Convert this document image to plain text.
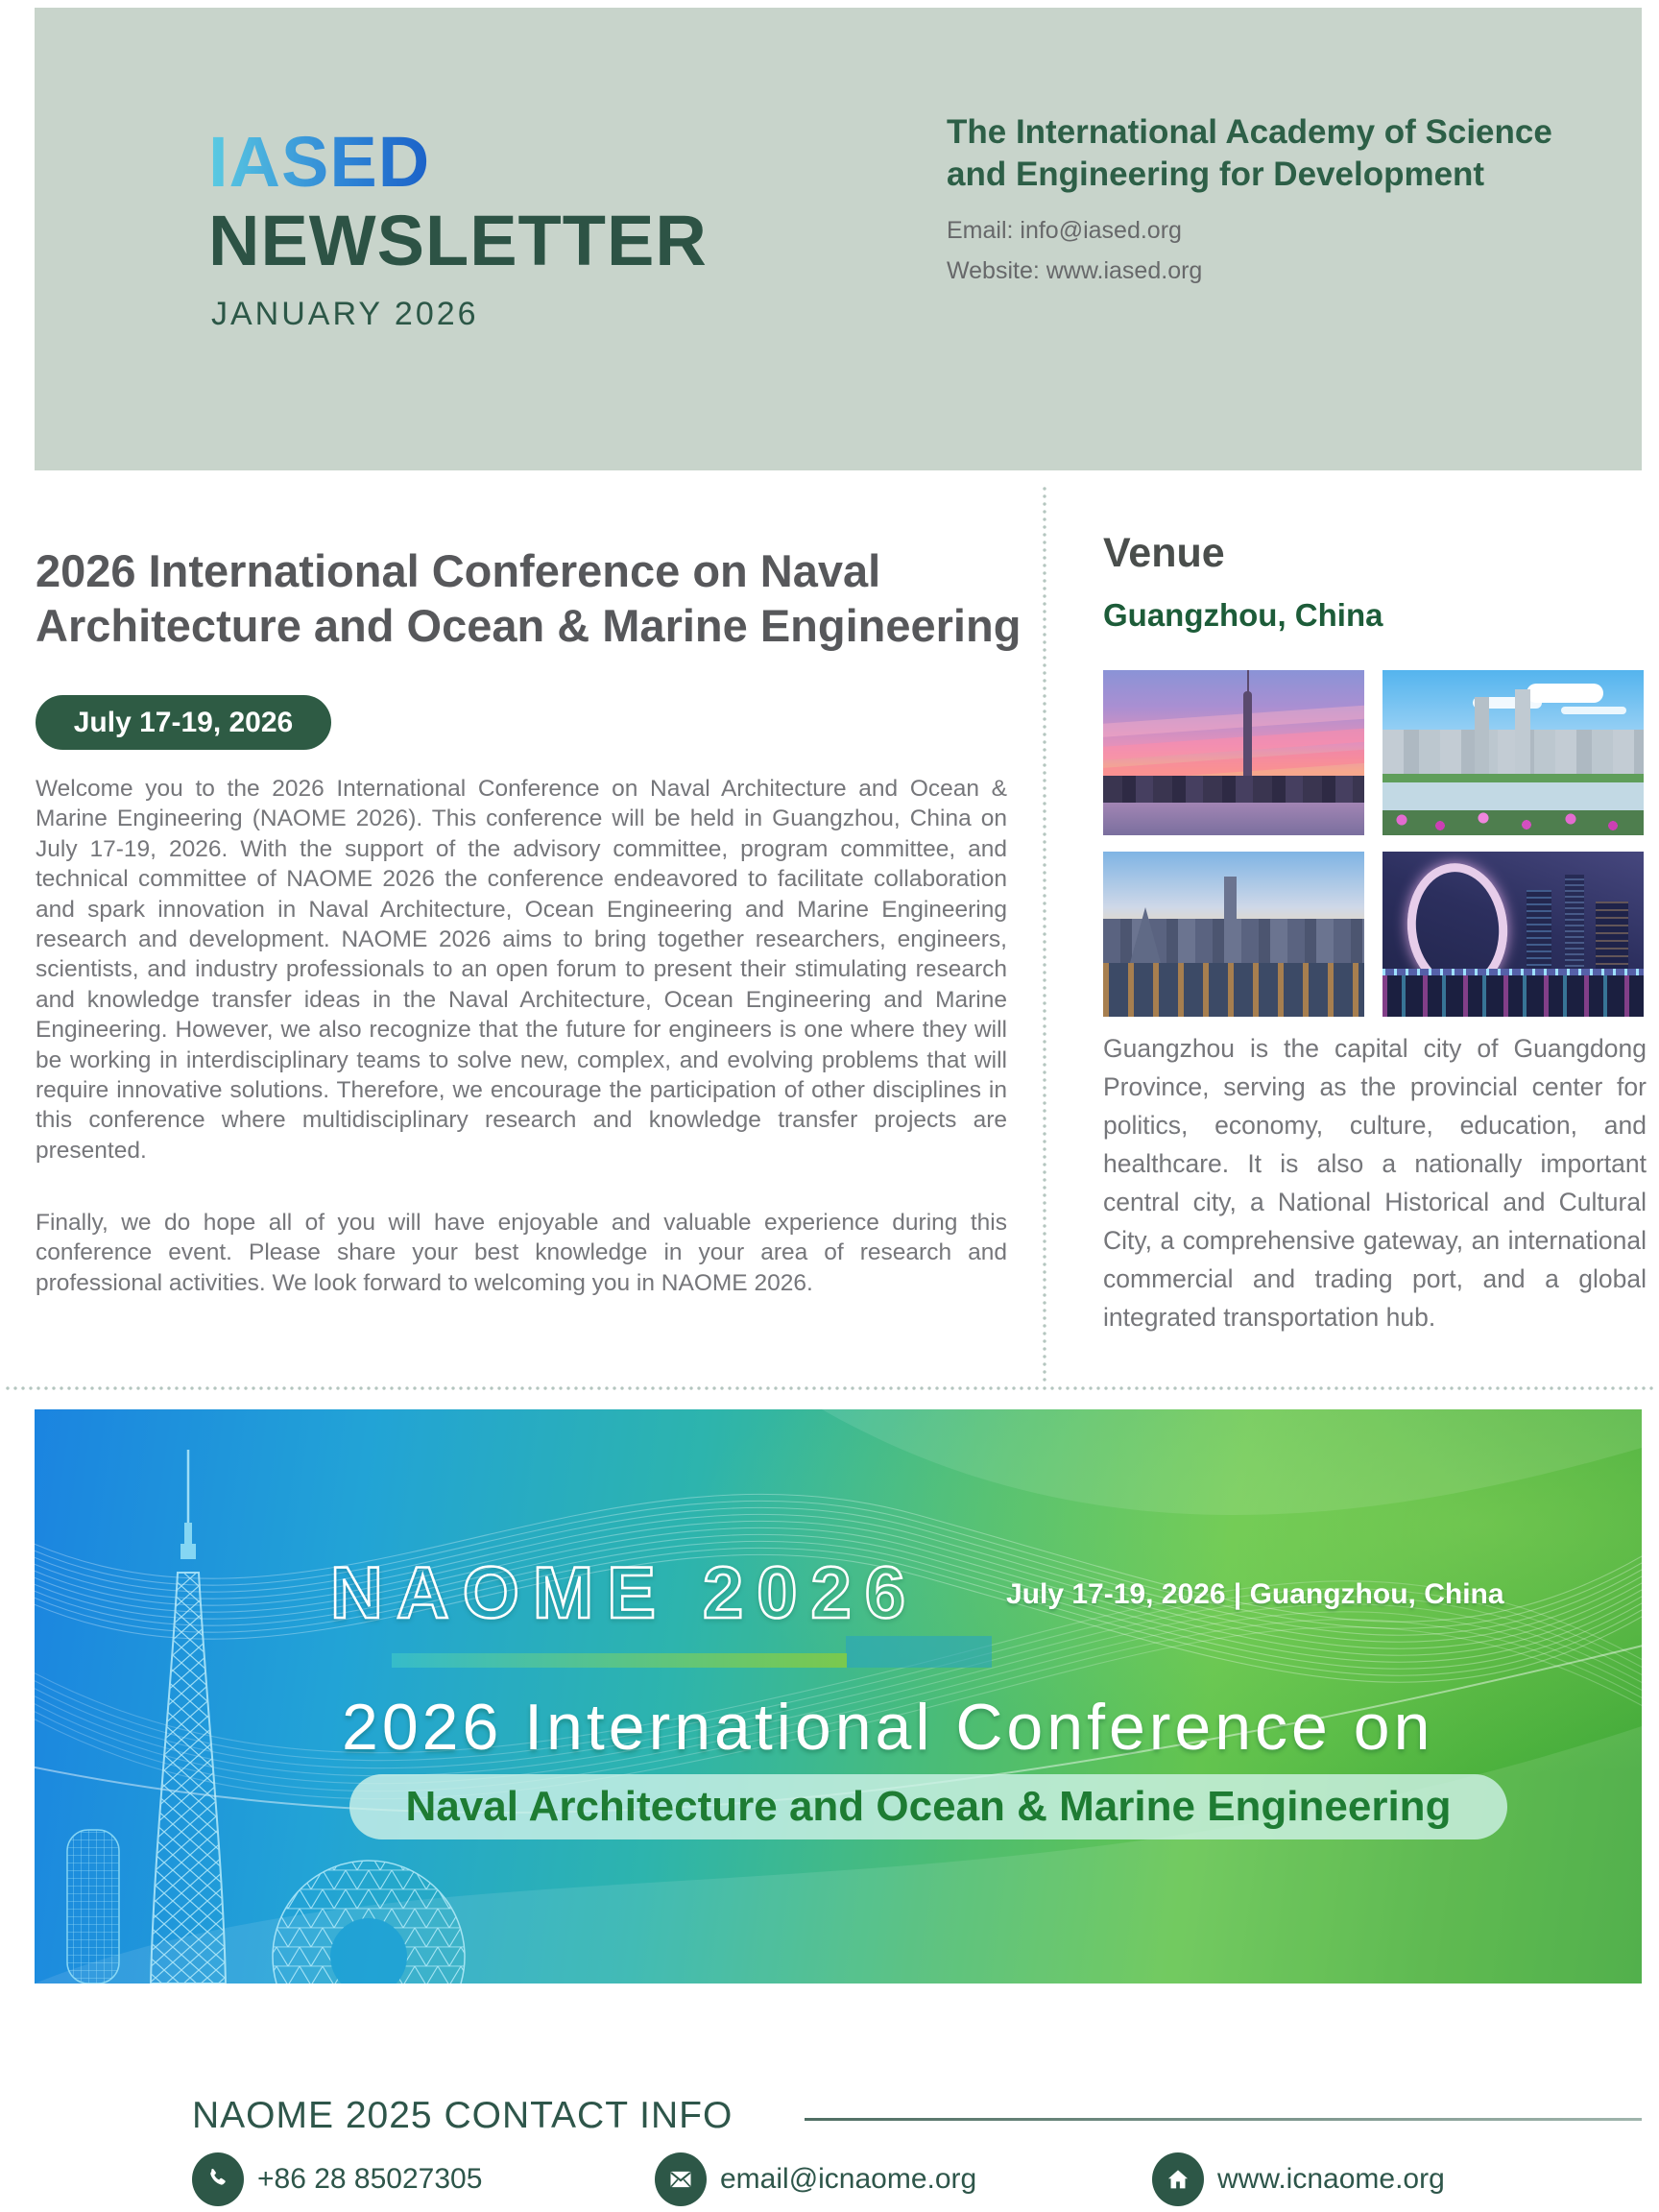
IASED
NEWSLETTER
JANUARY 2026
The International Academy of Science
and Engineering for Development
Email: info@iased.org
Website: www.iased.org
2026 International Conference on Naval Architecture and Ocean & Marine Engineering
July 17-19, 2026

Welcome you to the 2026 International Conference on Naval Architecture and Ocean & Marine Engineering (NAOME 2026). This conference will be held in Guangzhou, China on July 17-19, 2026. With the support of the advisory committee, program committee, and technical committee of NAOME 2026 the conference endeavored to facilitate collaboration and spark innovation in Naval Architecture, Ocean Engineering and Marine Engineering research and development. NAOME 2026 aims to bring together researchers, engineers, scientists, and industry professionals to an open forum to present their stimulating research and knowledge transfer ideas in the Naval Architecture, Ocean Engineering and Marine Engineering. However, we also recognize that the future for engineers is one where they will be working in interdisciplinary teams to solve new, complex, and evolving problems that will require innovative solutions. Therefore, we encourage the participation of other disciplines in this conference where multidisciplinary research and knowledge transfer projects are presented.

Finally, we do hope all of you will have enjoyable and valuable experience during this conference event. Please share your best knowledge in your area of research and professional activities. We look forward to welcoming you in NAOME 2026.

Venue
Guangzhou, China

Guangzhou is the capital city of Guangdong Province, serving as the provincial center for politics, economy, culture, education, and healthcare. It is also a nationally important central city, a National Historical and Cultural City, a comprehensive gateway, an international commercial and trading port, and a global integrated transportation hub.

NAOME 2026	July 17-19, 2026 | Guangzhou, China
2026 International Conference on
Naval Architecture and Ocean & Marine Engineering
NAOME 2025 CONTACT INFO
+86 28 85027305	email@icnaome.org	www.icnaome.org
